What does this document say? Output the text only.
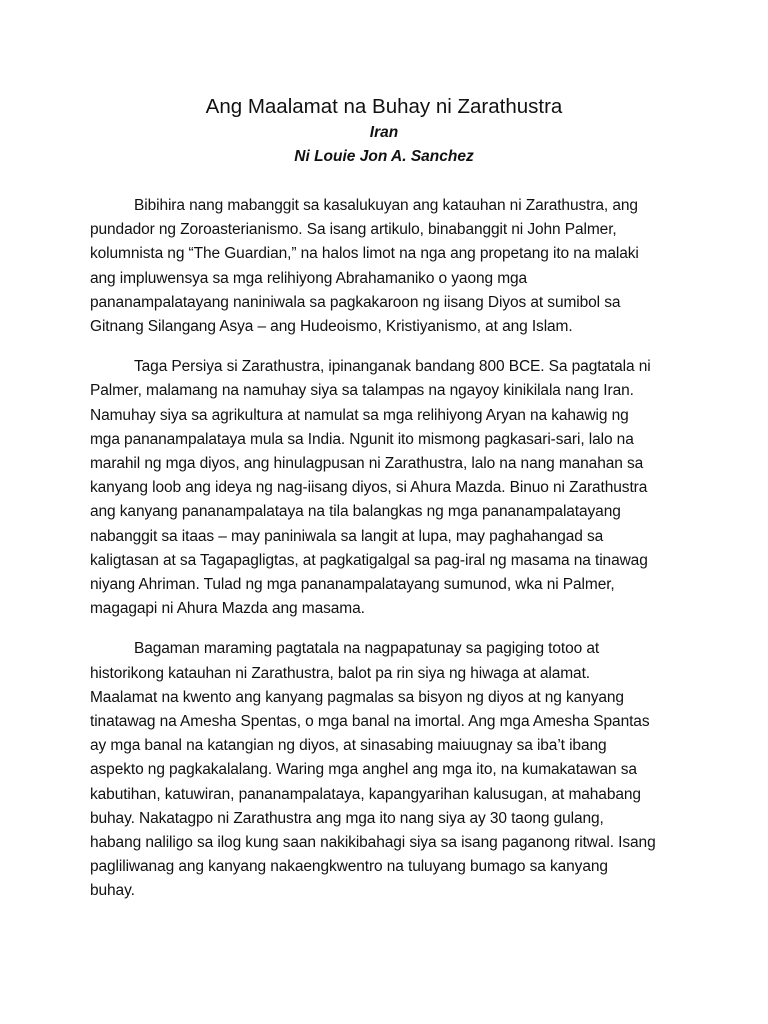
Ang Maalamat na Buhay ni Zarathustra

Iran

Ni Louie Jon A. Sanchez

Bibihira nang mabanggit sa kasalukuyan ang katauhan ni Zarathustra, ang
pundador ng Zoroasterianismo. Sa isang artikulo, binabanggit ni John Palmer,
kolumnista ng “The Guardian,” na halos limot na nga ang propetang ito na malaki
ang impluwensya sa mga relihiyong Abrahamaniko o yaong mga
pananampalatayang naniniwala sa pagkakaroon ng iisang Diyos at sumibol sa
Gitnang Silangang Asya – ang Hudeoismo, Kristiyanismo, at ang Islam.

Taga Persiya si Zarathustra, ipinanganak bandang 800 BCE. Sa pagtatala ni
Palmer, malamang na namuhay siya sa talampas na ngayoy kinikilala nang Iran.
Namuhay siya sa agrikultura at namulat sa mga relihiyong Aryan na kahawig ng
mga pananampalataya mula sa India. Ngunit ito mismong pagkasari-sari, lalo na
marahil ng mga diyos, ang hinulagpusan ni Zarathustra, lalo na nang manahan sa
kanyang loob ang ideya ng nag-iisang diyos, si Ahura Mazda. Binuo ni Zarathustra
ang kanyang pananampalataya na tila balangkas ng mga pananampalatayang
nabanggit sa itaas – may paniniwala sa langit at lupa, may paghahangad sa
kaligtasan at sa Tagapagligtas, at pagkatigalgal sa pag-iral ng masama na tinawag
niyang Ahriman. Tulad ng mga pananampalatayang sumunod, wka ni Palmer,
magagapi ni Ahura Mazda ang masama.

Bagaman maraming pagtatala na nagpapatunay sa pagiging totoo at
historikong katauhan ni Zarathustra, balot pa rin siya ng hiwaga at alamat.
Maalamat na kwento ang kanyang pagmalas sa bisyon ng diyos at ng kanyang
tinatawag na Amesha Spentas, o mga banal na imortal. Ang mga Amesha Spantas
ay mga banal na katangian ng diyos, at sinasabing maiuugnay sa iba’t ibang
aspekto ng pagkakalalang. Waring mga anghel ang mga ito, na kumakatawan sa
kabutihan, katuwiran, pananampalataya, kapangyarihan kalusugan, at mahabang
buhay. Nakatagpo ni Zarathustra ang mga ito nang siya ay 30 taong gulang,
habang naliligo sa ilog kung saan nakikibahagi siya sa isang paganong ritwal. Isang
pagliliwanag ang kanyang nakaengkwentro na tuluyang bumago sa kanyang
buhay.
